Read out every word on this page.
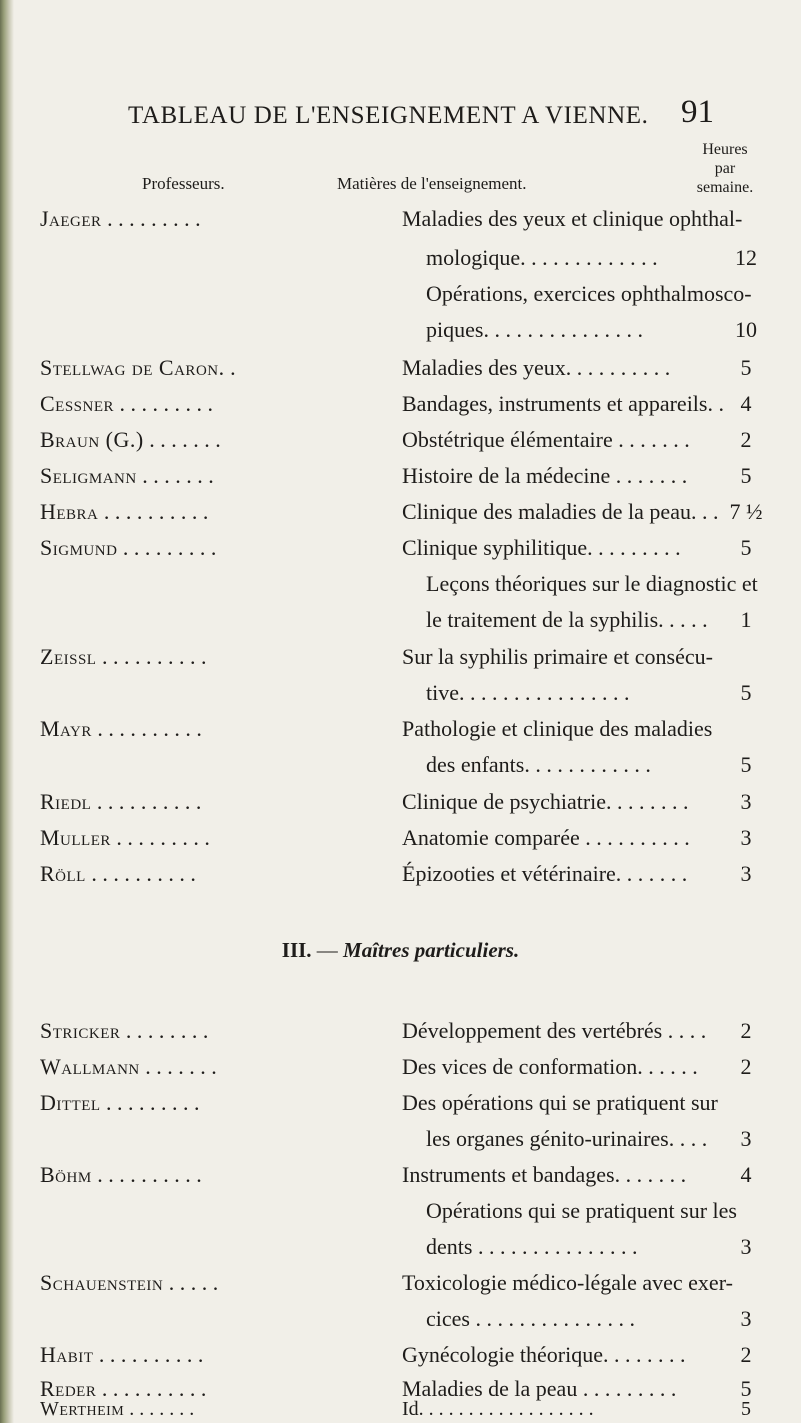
TABLEAU DE L'ENSEIGNEMENT A VIENNE. 91
Professeurs.	Matières de l'enseignement.
Heures
par
semaine.
Jaeger . . . . . . . . .	Maladies des yeux et clinique ophthal-
mologique. . . . . . . . . . . . .	12
Opérations, exercices ophthalmosco-
piques. . . . . . . . . . . . . . .	10
Stellwag de Caron. .	Maladies des yeux. . . . . . . . . .	5
Cessner . . . . . . . . .	Bandages, instruments et appareils. . 4
Braun (G.) . . . . . . .	Obstétrique élémentaire . . . . . . .	2
Seligmann . . . . . . .	Histoire de la médecine . . . . . . .	5
Hebra . . . . . . . . . .	Clinique des maladies de la peau. . . 7 ½
Sigmund . . . . . . . . .	Clinique syphilitique. . . . . . . . .	5
Leçons théoriques sur le diagnostic et
le traitement de la syphilis. . . . .	1
Zeissl . . . . . . . . . .	Sur la syphilis primaire et consécu-
tive. . . . . . . . . . . . . . . .	5
Mayr . . . . . . . . . .	Pathologie et clinique des maladies
des enfants. . . . . . . . . . . .	5
Riedl . . . . . . . . . .	Clinique de psychiatrie. . . . . . . .	3
Muller . . . . . . . . .	Anatomie comparée . . . . . . . . . .	3
Röll . . . . . . . . . .	Épizooties et vétérinaire. . . . . . .	3
III. — Maîtres particuliers.
Stricker . . . . . . . .	Développement des vertébrés . . . .	2
Wallmann . . . . . . .	Des vices de conformation. . . . . .	2
Dittel . . . . . . . . .	Des opérations qui se pratiquent sur
les organes génito-urinaires. . . .	3
Böhm . . . . . . . . . .	Instruments et bandages. . . . . . .	4
Opérations qui se pratiquent sur les
dents . . . . . . . . . . . . . . .	3
Schauenstein . . . . .	Toxicologie médico-légale avec exer-
cices . . . . . . . . . . . . . . .	3
Habit . . . . . . . . . .	Gynécologie théorique. . . . . . . .	2
Reder . . . . . . . . . .	Maladies de la peau . . . . . . . . .	5
Wertheim . . . . . . .	Id. . . . . . . . . . . . . . . . . .	5
